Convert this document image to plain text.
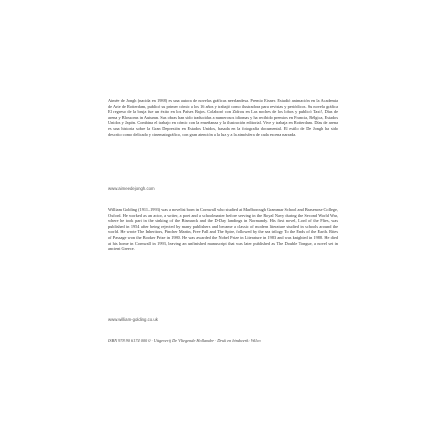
Aimée de Jongh (nacida en 1988) es una autora de novelas gráficas neerlandesa. Premio Eisner. Estudió animación en la Academia de Arte de Rotterdam, publicó su primer cómic a los 16 años y trabajó como ilustradora para revistas y periódicos. Su novela gráfica El regreso de la bruja fue un éxito en los Países Bajos. Colaboró con Zidrou en Las noches de los lobos y publicó Taxi!, Días de arena y Blossoms in Autumn. Sus obras han sido traducidas a numerosos idiomas y ha recibido premios en Francia, Bélgica, Estados Unidos y Japón. Combina el trabajo en cómic con la enseñanza y la ilustración editorial. Vive y trabaja en Rotterdam. Días de arena es una historia sobre la Gran Depresión en Estados Unidos, basada en la fotografía documental. El estilo de De Jongh ha sido descrito como delicado y cinematográfico, con gran atención a la luz y a la atmósfera de cada escena narrada.

www.aimeedejongh.com

William Golding (1911–1993) was a novelist born in Cornwall who studied at Marlborough Grammar School and Brasenose College, Oxford. He worked as an actor, a writer, a poet and a schoolmaster before serving in the Royal Navy during the Second World War, where he took part in the sinking of the Bismarck and the D-Day landings in Normandy. His first novel, Lord of the Flies, was published in 1954 after being rejected by many publishers and became a classic of modern literature studied in schools around the world. He wrote The Inheritors, Pincher Martin, Free Fall and The Spire, followed by the sea trilogy To the Ends of the Earth. Rites of Passage won the Booker Prize in 1980. He was awarded the Nobel Prize in Literature in 1983 and was knighted in 1988. He died at his home in Cornwall in 1993, leaving an unfinished manuscript that was later published as The Double Tongue, a novel set in ancient Greece.

www.william-golding.co.uk

ISBN 978 90 6174 000 0 · Uitgeverij De Vliegende Hollander · Druk en bindwerk: Wilco
